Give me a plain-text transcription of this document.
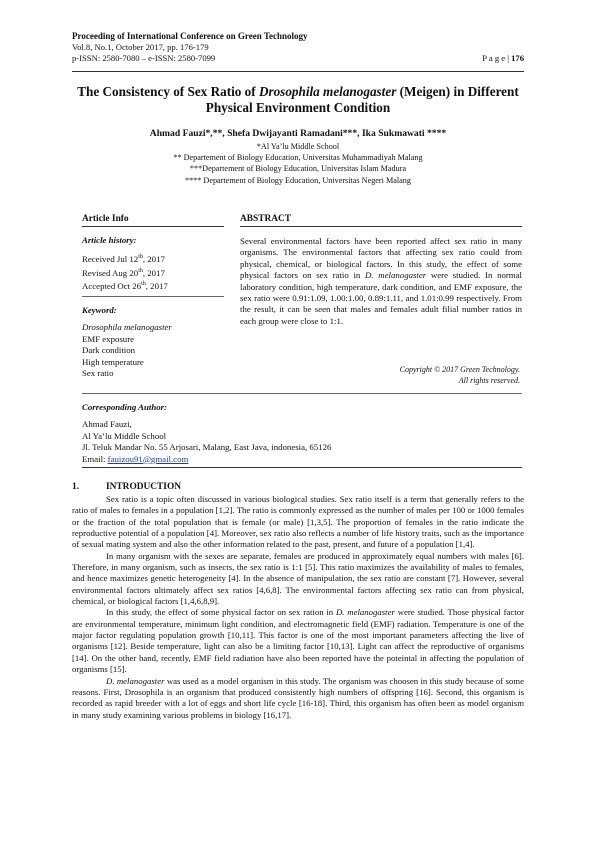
Proceeding of International Conference on Green Technology
Vol.8, No.1, October 2017, pp. 176-179
p-ISSN: 2580-7080 – e-ISSN: 2580-7099	P a g e | 176
The Consistency of Sex Ratio of Drosophila melanogaster (Meigen) in Different Physical Environment Condition
Ahmad Fauzi*,**, Shefa Dwijayanti Ramadani***, Ika Sukmawati ****
*Al Ya’lu Middle School
** Departement of Biology Education, Universitas Muhammadiyah Malang
***Departement of Biology Education, Universitas Islam Madura
**** Departement of Biology Education, Universitas Negeri Malang
Article Info
Article history:
Received Jul 12th, 2017
Revised Aug 20th, 2017
Accepted Oct 26th, 2017
Keyword:
Drosophila melanogaster
EMF exposure
Dark condition
High temperature
Sex ratio
ABSTRACT
Several environmental factors have been reported affect sex ratio in many organisms. The environmental factors that affecting sex ratio could from physical, chemical, or biological factors. In this study, the effect of some physical factors on sex ratio in D. melanogaster were studied. In normal laboratory condition, high temperature, dark condition, and EMF exposure, the sex ratio were 0.91:1.09, 1.00:1.00, 0.89:1.11, and 1.01:0.99 respectively. From the result, it can be seen that males and females adult filial number ratios in each group were close to 1:1.
Copyright © 2017 Green Technology.
All rights reserved.
Corresponding Author:
Ahmad Fauzi,
Al Ya’lu Middle School
Jl. Teluk Mandar No. 55 Arjosari, Malang, East Java, indonesia, 65126
Email: fauizou91@gmail.com
1.	INTRODUCTION

Sex ratio is a topic often discussed in various biological studies. Sex ratio itself is a term that generally refers to the ratio of males to females in a population [1,2]. The ratio is commonly expressed as the number of males per 100 or 1000 females or the fraction of the total population that is female (or male) [1,3,5]. The proportion of females in the ratio indicate the reproductive potential of a population [4]. Moreover, sex ratio also reflects a number of life history traits, such as the importance of sexual mating system and also the other information related to the past, present, and future of a population [1,4].

In many organism with the sexes are separate, females are produced in approximately equal numbers with males [6]. Therefore, in many organism, such as insects, the sex ratio is 1:1 [5]. This ratio maximizes the availability of males to females, and hence maximizes genetic heterogeneity [4]. In the absence of manipulation, the sex ratio are constant [7]. However, several environmental factors ultimately affect sex ratios [4,6,8]. The environmental factors affecting sex ratio can from physical, chemical, or biological factors [1,4,6,8,9].

In this study, the effect of some physical factor on sex ration in D. melanogaster were studied. Those physical factor are environmental temperature, minimum light condition, and electromagnetic field (EMF) radiation. Temperature is one of the major factor regulating population growth [10,11]. This factor is one of the most important parameters affecting the live of organisms [12]. Beside temperature, light can also be a limiting factor [10,13]. Light can affect the reproductive of organisms [14]. On the other hand, recently, EMF field radiation have also been reported have the poteintal in affecting the population of organisms [15].

D. melanogaster was used as a model organism in this study. The organism was choosen in this study because of some reasons. First, Drosophila is an organism that produced consistently high numbers of offspring [16]. Second, this organism is recorded as rapid breeder with a lot of eggs and short life cycle [16-18]. Third, this organism has often been as model organism in many study examining various problems in biology [16,17].
